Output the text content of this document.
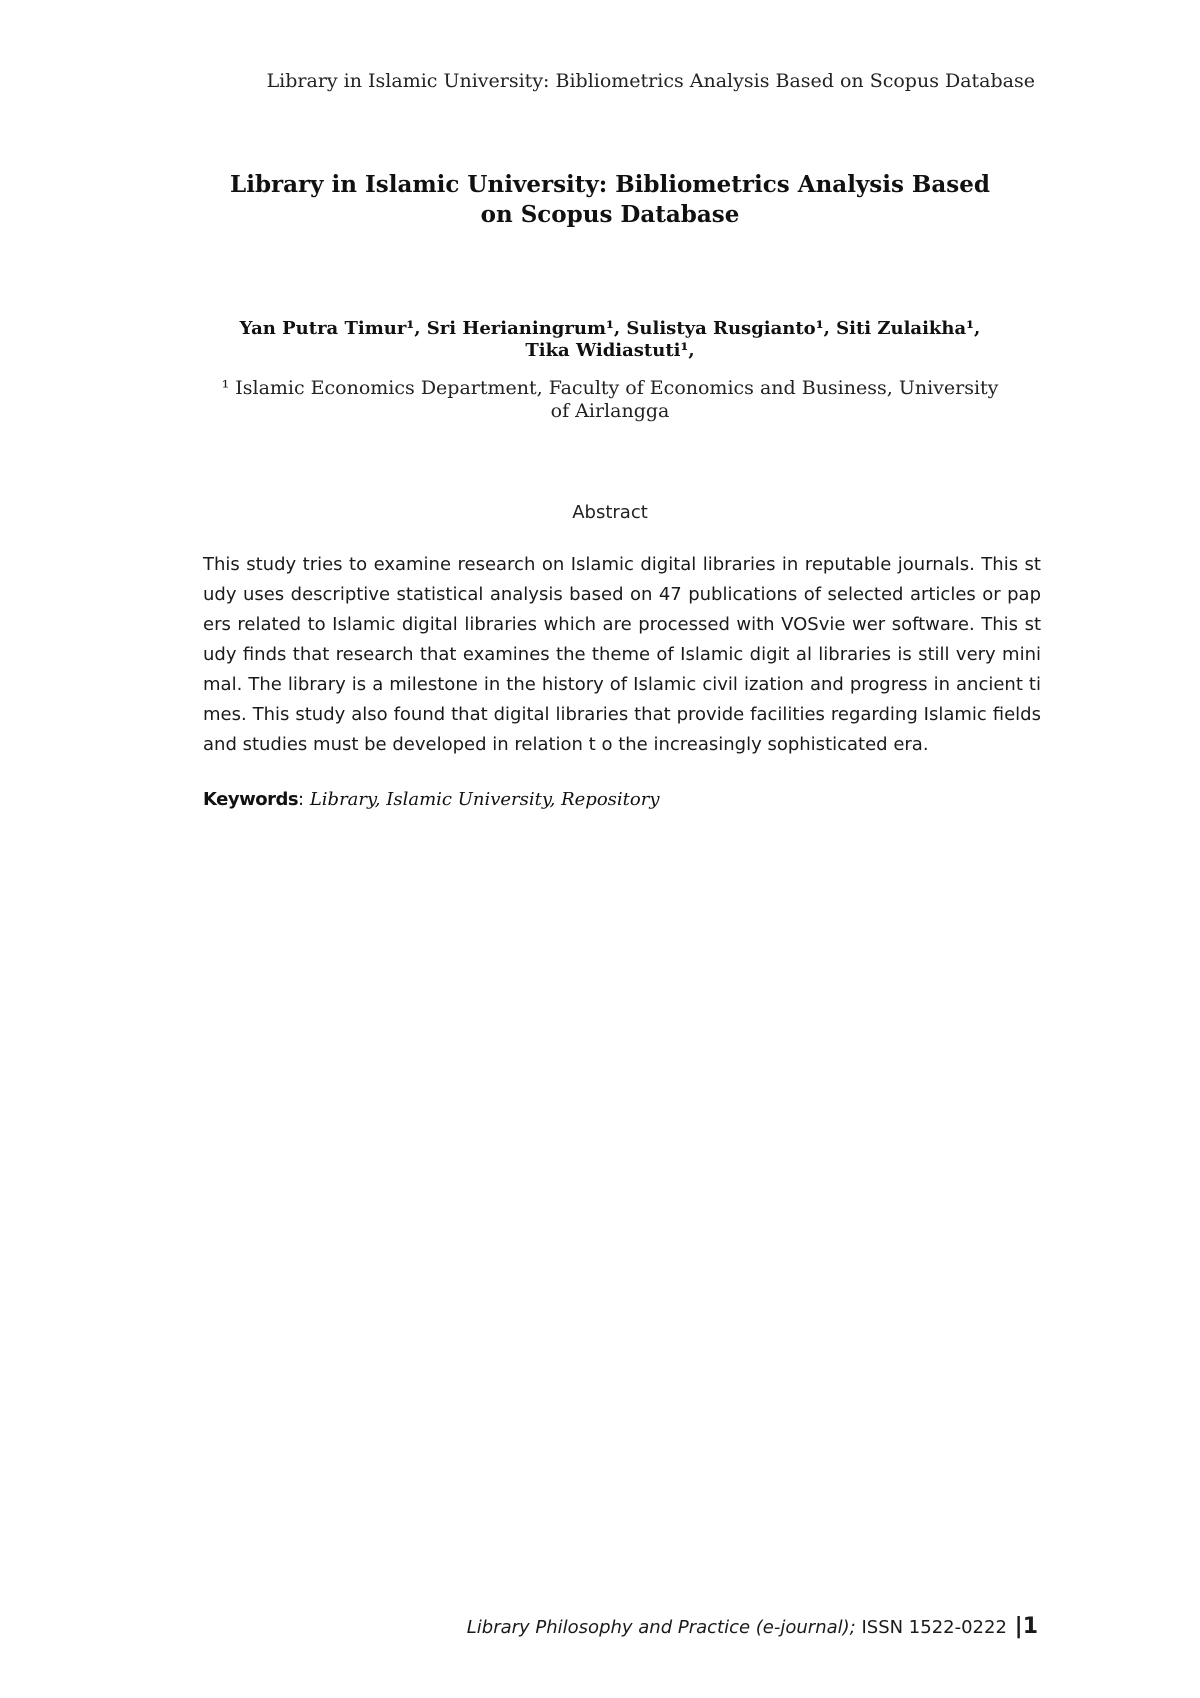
Library in Islamic University: Bibliometrics Analysis Based on Scopus Database
Library in Islamic University: Bibliometrics Analysis Based
on Scopus Database
Yan Putra Timur¹, Sri Herianingrum¹, Sulistya Rusgianto¹, Siti Zulaikha¹,
Tika Widiastuti¹,
¹ Islamic Economics Department, Faculty of Economics and Business, University
of Airlangga
Abstract
This study tries to examine research on Islamic digital libraries in reputable journals. This study uses descriptive statistical analysis based on 47 publications of selected articles or papers related to Islamic digital libraries which are processed with VOSvie wer software. This study finds that research that examines the theme of Islamic digit al libraries is still very minimal. The library is a milestone in the history of Islamic civil ization and progress in ancient times. This study also found that digital libraries that provide facilities regarding Islamic fields and studies must be developed in relation t o the increasingly sophisticated era.
Keywords: Library, Islamic University, Repository
Library Philosophy and Practice (e-journal); ISSN 1522-0222 |1
